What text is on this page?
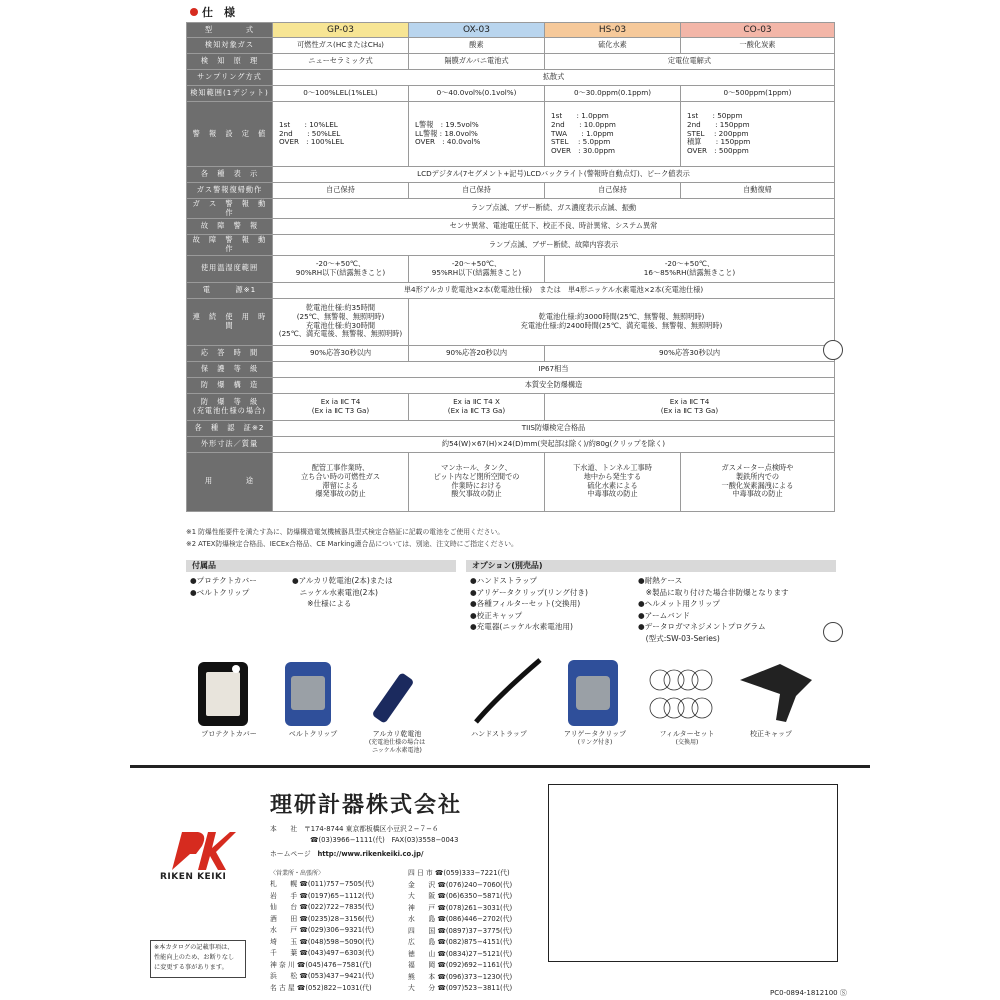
仕　様
型　　　　式	GP-03	OX-03	HS-03	CO-03
検知対象ガス	可燃性ガス(HCまたはCH₄)	酸素	硫化水素	一酸化炭素
検　知　原　理	ニューセラミック式	隔膜ガルバニ電池式	定電位電解式	
サンプリング方式	拡散式			
検知範囲(1デジット)	0〜100%LEL(1%LEL)	0〜40.0vol%(0.1vol%)	0〜30.0ppm(0.1ppm)	0〜500ppm(1ppm)
警　報　設　定　値	1st　　: 10%LEL
2nd　　: 50%LEL
OVER　: 100%LEL	L警報　: 19.5vol%
LL警報 : 18.0vol%
OVER　: 40.0vol%	1st　　: 1.0ppm
2nd　　: 10.0ppm
TWA　　: 1.0ppm
STEL　 : 5.0ppm
OVER　: 30.0ppm	1st　　: 50ppm
2nd　　: 150ppm
STEL　 : 200ppm
積算　　: 150ppm
OVER　: 500ppm
各　種　表　示	LCDデジタル(7セグメント+記号)LCDバックライト(警報時自動点灯)、ピーク値表示			
ガス警報復帰動作	自己保持	自己保持	自己保持	自動復帰
ガ　ス　警　報　動　作	ランプ点滅、ブザー断続、ガス濃度表示点滅、振動			
故　障　警　報	センサ異常、電池電圧低下、校正不良、時計異常、システム異常			
故　障　警　報　動　作	ランプ点滅、ブザー断続、故障内容表示			
使用温湿度範囲	-20〜+50℃、
90%RH以下(結露無きこと)	-20〜+50℃、
95%RH以下(結露無きこと)	-20〜+50℃、
16〜85%RH(結露無きこと)	
電　　　源※1	単4形アルカリ乾電池×2本(乾電池仕様)　または　単4形ニッケル水素電池×2本(充電池仕様)			
連　続　使　用　時　間	乾電池仕様:約35時間
(25℃、無警報、無照明時)
充電池仕様:約30時間
(25℃、満充電後、無警報、無照明時)	乾電池仕様:約3000時間(25℃、無警報、無照明時)
充電池仕様:約2400時間(25℃、満充電後、無警報、無照明時)		
応　答　時　間	90%応答30秒以内	90%応答20秒以内	90%応答30秒以内	
保　護　等　級	IP67相当			
防　爆　構　造	本質安全防爆構造			
防　爆　等　級
(充電池仕様の場合)	Ex ia ⅡC T4
(Ex ia ⅡC T3 Ga)	Ex ia ⅡC T4 X
(Ex ia ⅡC T3 Ga)	Ex ia ⅡC T4
(Ex ia ⅡC T3 Ga)	
各　種　認　証※2	TIIS防爆検定合格品			
外形寸法／質量	約54(W)×67(H)×24(D)mm(突起部は除く)/約80g(クリップを除く)			
用　　　　途	配管工事作業時、
立ち合い時の可燃性ガス
滞留による
爆発事故の防止	マンホール、タンク、
ピット内など閉所空間での
作業時における
酸欠事故の防止	下水道、トンネル工事時
地中から発生する
硫化水素による
中毒事故の防止	ガスメーター点検時や
製鉄所内での
一酸化炭素漏洩による
中毒事故の防止
※1 防爆性能要件を満たす為に、防爆構造電気機械器具型式検定合格証に記載の電池をご使用ください。
※2 ATEX防爆検定合格品、IECEx合格品、CE Marking適合品については、別途、注文時にご指定ください。
付属品
●プロテクトカバー
●ベルトクリップ
●アルカリ乾電池(2本)または
　ニッケル水素電池(2本)
　　※仕様による
オプション(別売品)
●ハンドストラップ
●アリゲータクリップ(リング付き)
●各種フィルターセット(交換用)
●校正キャップ
●充電器(ニッケル水素電池用)
●耐熱ケース
　※製品に取り付けた場合非防爆となります
●ヘルメット用クリップ
●アームバンド
●データロガマネジメントプログラム
　(型式:SW-03-Series)
プロテクトカバー	ベルトクリップ	アルカリ乾電池
(充電池仕様の場合は
ニッケル水素電池)
ハンドストラップ	アリゲータクリップ
(リング付き)
フィルターセット
(交換用)
校正キャップ
RIKEN KEIKI
理研計器株式会社
本　　社　 〒174-8744 東京都板橋区小豆沢２−７−６
☎(03)3966−1111(代)　FAX(03)3558−0043
ホームページ　 http://www.rikenkeiki.co.jp/
〈営業所・出張所〉
札　　幌 ☎(011)757−7505(代)
岩　　手 ☎(0197)65−1112(代)
仙　　台 ☎(022)722−7835(代)
酒　　田 ☎(0235)28−3156(代)
水　　戸 ☎(029)306−9321(代)
埼　　玉 ☎(048)598−5090(代)
千　　葉 ☎(043)497−6303(代)
神 奈 川 ☎(045)476−7581(代)
浜　　松 ☎(053)437−9421(代)
名 古 屋 ☎(052)822−1031(代)
四 日 市 ☎(059)333−7221(代)
金　　沢 ☎(076)240−7060(代)
大　　阪 ☎(06)6350−5871(代)
神　　戸 ☎(078)261−3031(代)
水　　島 ☎(086)446−2702(代)
四　　国 ☎(0897)37−3775(代)
広　　島 ☎(082)875−4151(代)
徳　　山 ☎(0834)27−5121(代)
福　　岡 ☎(092)692−1161(代)
熊　　本 ☎(096)373−1230(代)
大　　分 ☎(097)523−3811(代)
※本カタログの記載事項は、
性能向上のため、お断りなし
に変更する事があります。
PC0-0894-1812100 Ⓢ
